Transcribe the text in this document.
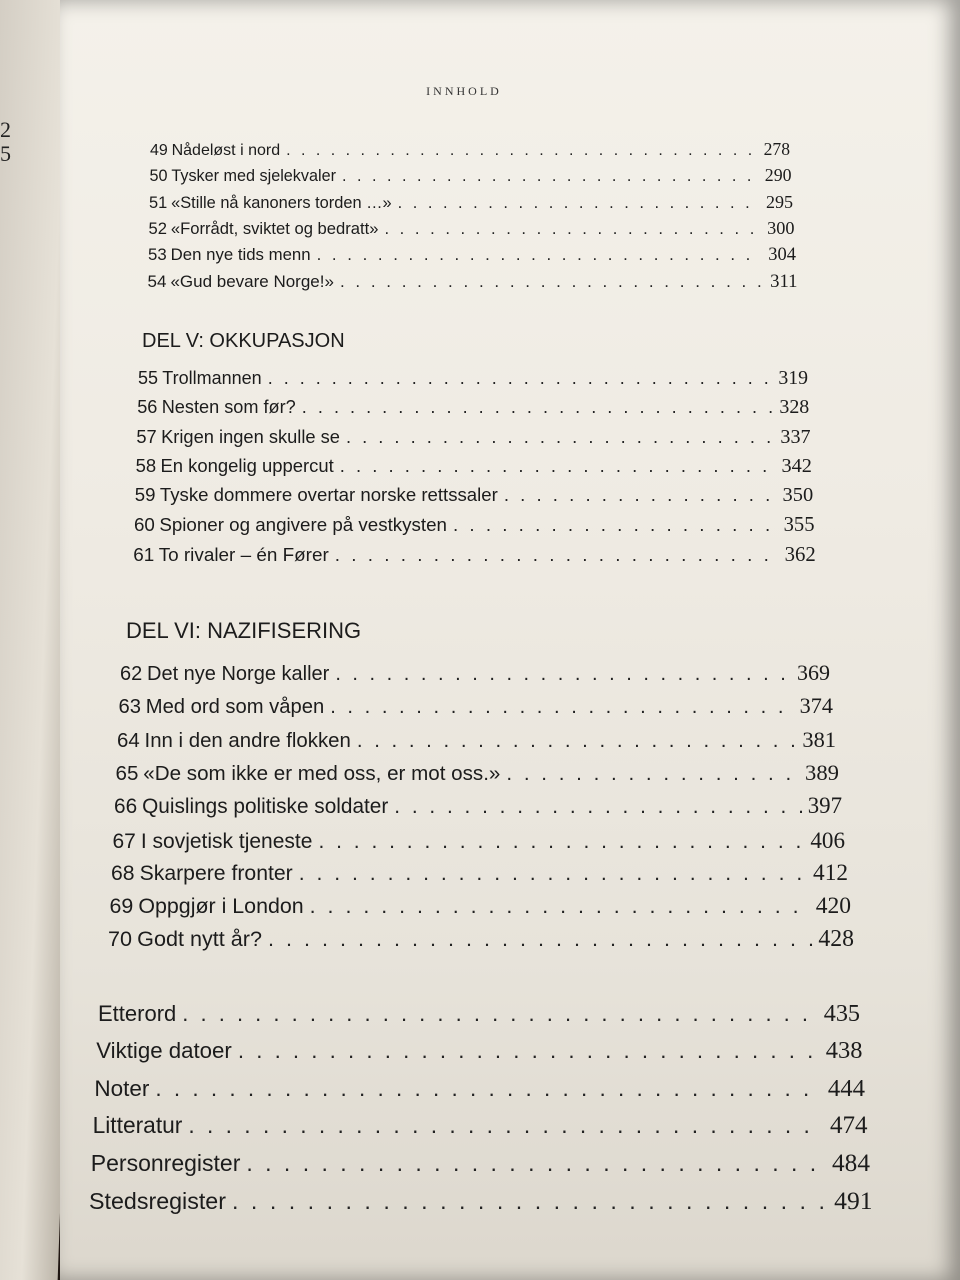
2
5
INNHOLD
49 Nådeløst i nord . . .	278
50 Tysker med sjelekvaler . . .	290
51 «Stille nå kanoners torden …» . . .	295
52 «Forrådt, sviktet og bedratt» . . .	300
53 Den nye tids menn . . .	304
54 «Gud bevare Norge!» . . .	311
55 Trollmannen . . .	319
56 Nesten som før? . . .	328
57 Krigen ingen skulle se . . .	337
58 En kongelig uppercut . . .	342
59 Tyske dommere overtar norske rettssaler . . .	350
60 Spioner og angivere på vestkysten . . .	355
61 To rivaler – én Fører . . .	362
62 Det nye Norge kaller . . .	369
63 Med ord som våpen . . .	374
64 Inn i den andre flokken . . .	381
65 «De som ikke er med oss, er mot oss.» . . .	389
66 Quislings politiske soldater . . .	397
67 I sovjetisk tjeneste . . .	406
68 Skarpere fronter . . .	412
69 Oppgjør i London . . .	420
70 Godt nytt år? . . .	428
Etterord . . .	435
Viktige datoer . . .	438
Noter . . .	444
Litteratur . . .	474
Personregister . . .	484
Stedsregister . . .	491
DEL V: OKKUPASJON
DEL VI: NAZIFISERING
